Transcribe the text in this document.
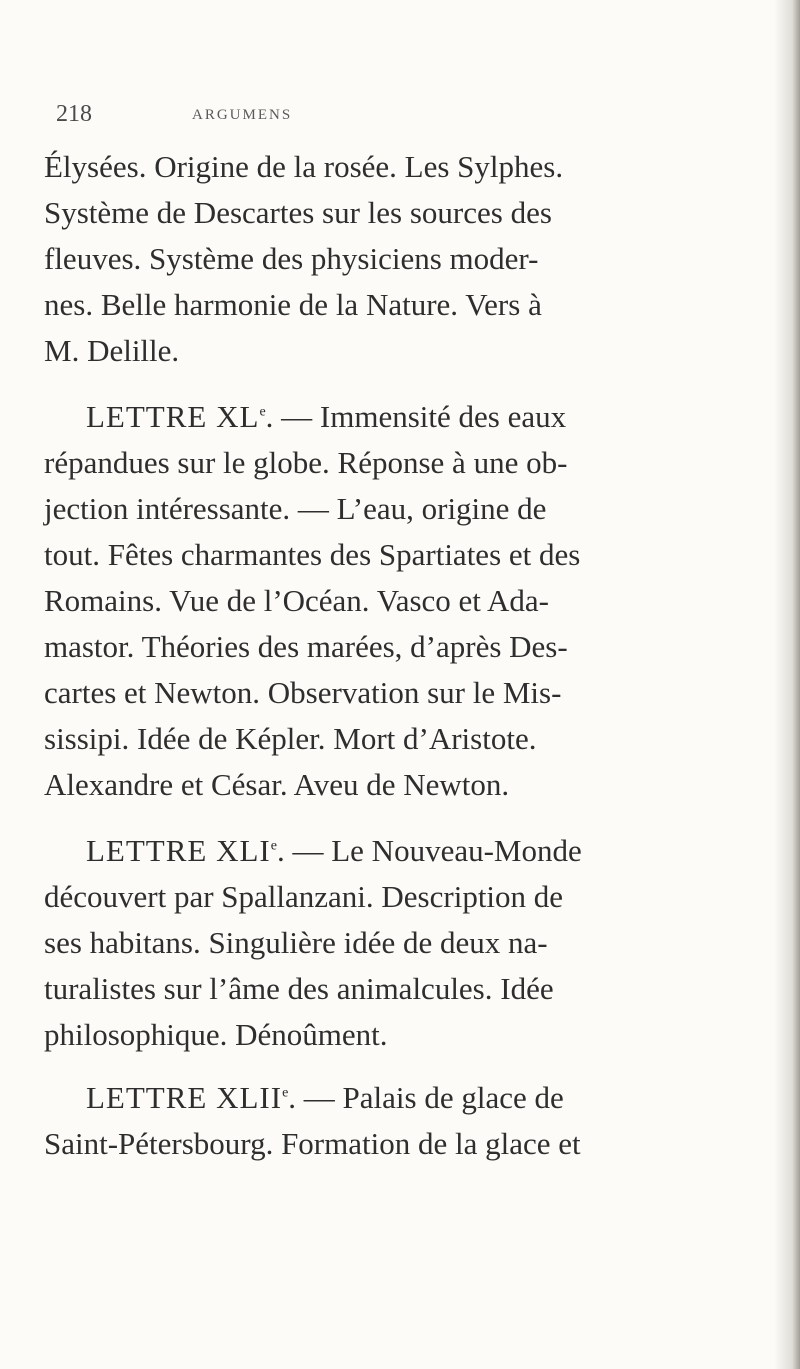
218	ARGUMENS
Élysées. Origine de la rosée. Les Sylphes.
Système de Descartes sur les sources des
fleuves. Système des physiciens moder-
nes. Belle harmonie de la Nature. Vers à
M. Delille.
LETTRE XLe. — Immensité des eaux
répandues sur le globe. Réponse à une ob-
jection intéressante. — L’eau, origine de
tout. Fêtes charmantes des Spartiates et des
Romains. Vue de l’Océan. Vasco et Ada-
mastor. Théories des marées, d’après Des-
cartes et Newton. Observation sur le Mis-
sissipi. Idée de Képler. Mort d’Aristote.
Alexandre et César. Aveu de Newton.
LETTRE XLIe. — Le Nouveau-Monde
découvert par Spallanzani. Description de
ses habitans. Singulière idée de deux na-
turalistes sur l’âme des animalcules. Idée
philosophique. Dénoûment.
LETTRE XLIIe. — Palais de glace de
Saint-Pétersbourg. Formation de la glace et
